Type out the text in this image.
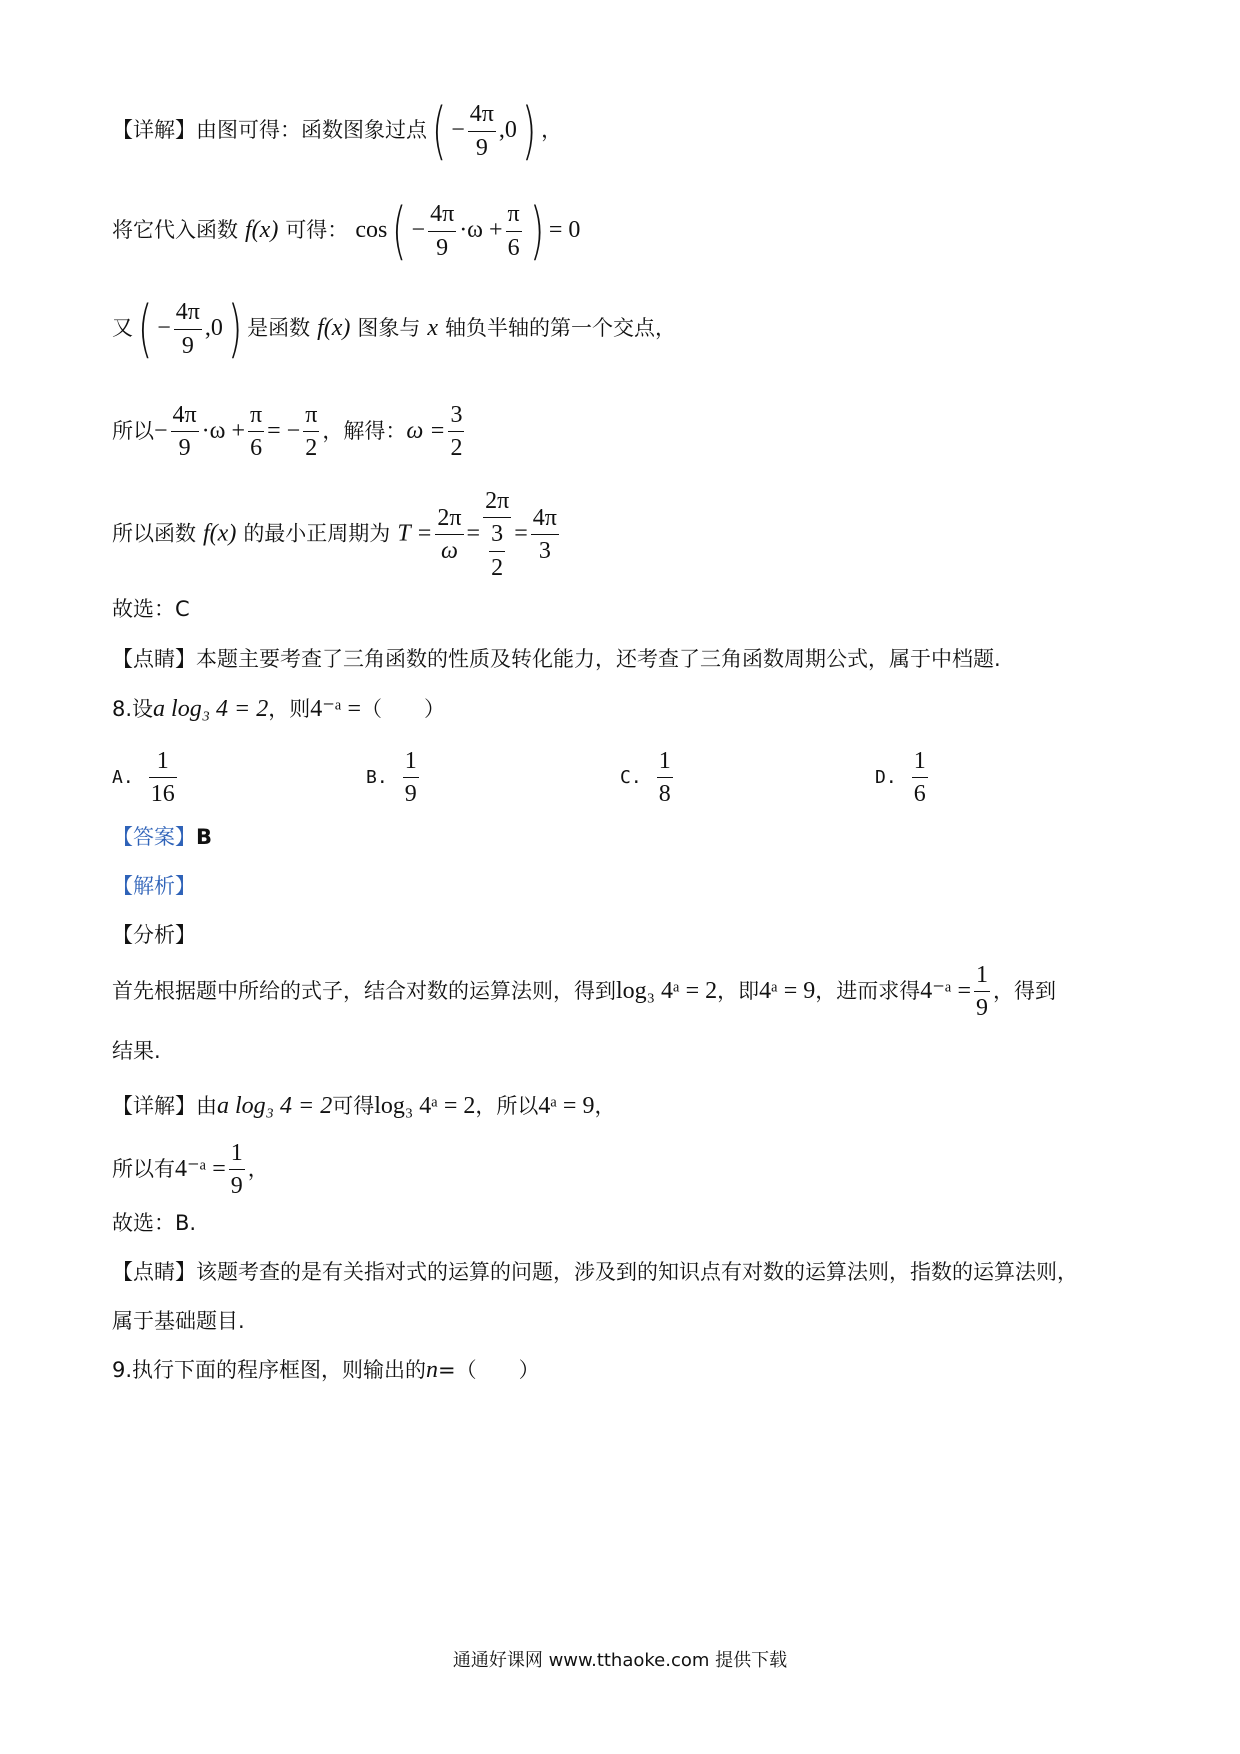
【详解】由图可得：函数图象过点( − $\frac{4\pi}{9} ,0$) ，
将它代入函数 f(x) 可得： $\cos( - \frac{4\pi}{9} \cdot\omega + \frac{\pi}{6}$ ) = 0
又( − $\frac{4\pi}{9} ,0$) 是函数 f(x) 图象与 x 轴负半轴的第一个交点，
所以− $\frac{4\pi}{9} \cdot\omega + \frac{\pi}{6}$ = − $\frac{\pi}{2}$ ，解得：$\omega = \frac{3}{2}$
所以函数 f(x) 的最小正周期为 $T = \frac{2\pi}{\omega} = \frac{2\pi}{\frac{3}{2}} = \frac{4\pi}{3}$
故选：C
【点睛】本题主要考查了三角函数的性质及转化能力，还考查了三角函数周期公式，属于中档题.
8.设a log₃ 4 = 2，则4⁻ᵃ =（　　）
A. $\frac{1}{16}$	B. $\frac{1}{9}$	C. $\frac{1}{8}$	D. $\frac{1}{6}$
【答案】B
【解析】
【分析】
首先根据题中所给的式子，结合对数的运算法则，得到log₃ 4ᵃ = 2，即4ᵃ = 9，进而求得4⁻ᵃ = $\frac{1}{9}$ ，得到
结果.
【详解】由a log₃ 4 = 2可得log₃ 4ᵃ = 2，所以4ᵃ = 9，
所以有4⁻ᵃ = $\frac{1}{9}$ ，
故选：B.
【点睛】该题考查的是有关指对式的运算的问题，涉及到的知识点有对数的运算法则，指数的运算法则，
属于基础题目.
9.执行下面的程序框图，则输出的n=（　　）
通通好课网 www.tthaoke.com 提供下载
